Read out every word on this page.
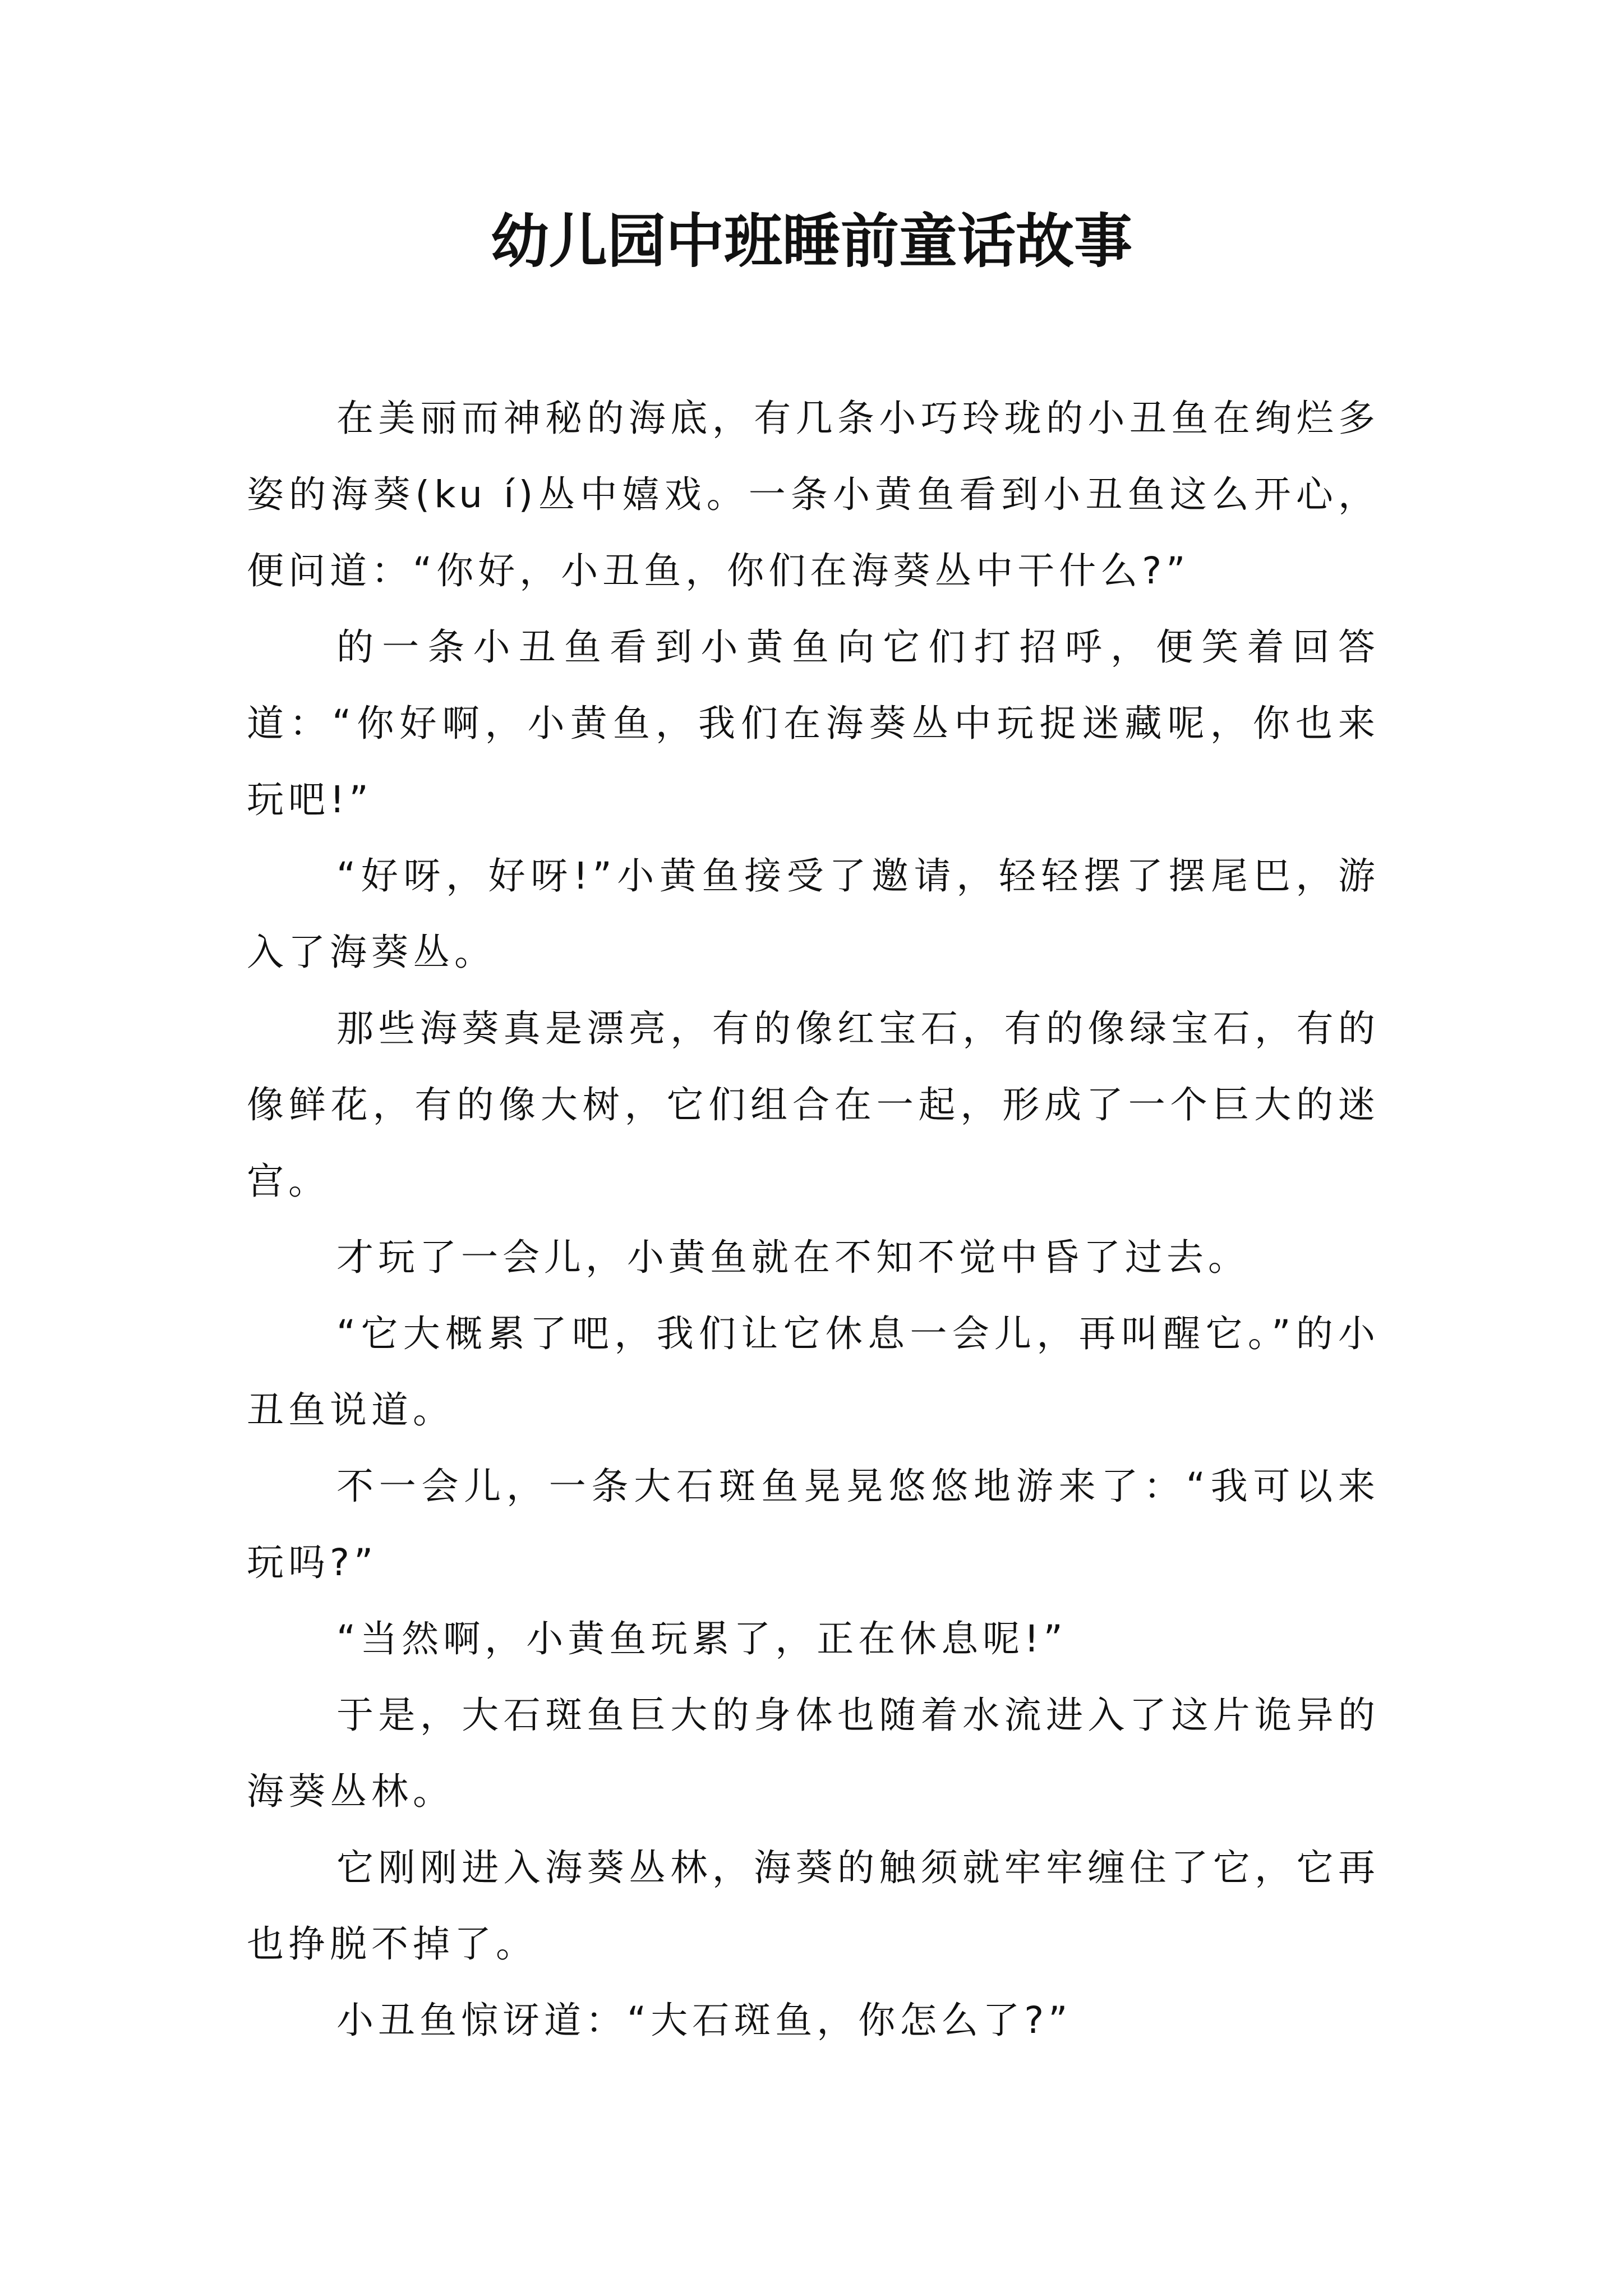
幼儿园中班睡前童话故事

在美丽而神秘的海底，有几条小巧玲珑的小丑鱼在绚烂多姿的海葵(ku í)丛中嬉戏。一条小黄鱼看到小丑鱼这么开心，便问道：“你好，小丑鱼，你们在海葵丛中干什么?”

的一条小丑鱼看到小黄鱼向它们打招呼，便笑着回答道：“你好啊，小黄鱼，我们在海葵丛中玩捉迷藏呢，你也来玩吧!”

“好呀，好呀!”小黄鱼接受了邀请，轻轻摆了摆尾巴，游入了海葵丛。

那些海葵真是漂亮，有的像红宝石，有的像绿宝石，有的像鲜花，有的像大树，它们组合在一起，形成了一个巨大的迷宫。

才玩了一会儿，小黄鱼就在不知不觉中昏了过去。

“它大概累了吧，我们让它休息一会儿，再叫醒它。”的小丑鱼说道。

不一会儿，一条大石斑鱼晃晃悠悠地游来了：“我可以来玩吗?”

“当然啊，小黄鱼玩累了，正在休息呢!”

于是，大石斑鱼巨大的身体也随着水流进入了这片诡异的海葵丛林。

它刚刚进入海葵丛林，海葵的触须就牢牢缠住了它，它再也挣脱不掉了。

小丑鱼惊讶道：“大石斑鱼，你怎么了?”
